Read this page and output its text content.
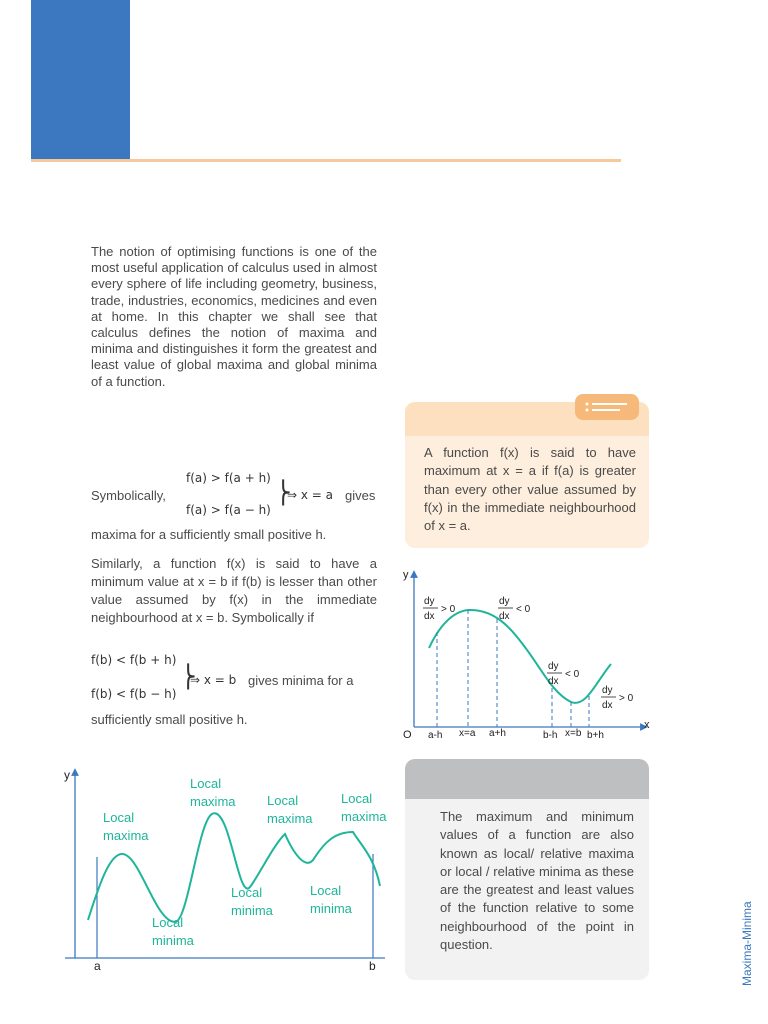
The notion of optimising functions is one of the most useful application of calculus used in almost every sphere of life including geometry, business, trade, industries, economics, medicines and even at home. In this chapter we shall see that calculus defines the notion of maxima and minima and distinguishes it form the greatest and least value of global maxima and global minima of a function.

Symbolically,
f(a) > f(a + h)
f(a) > f(a − h)
⎬
⇒ x = a gives
maxima for a sufficiently small positive h.

Similarly, a function f(x) is said to have a minimum value at x = b if f(b) is lesser than other value assumed by f(x) in the immediate neighbourhood at x = b. Symbolically if

f(b) < f(b + h)
f(b) < f(b − h)
⎬
⇒ x = b gives minima for a
sufficiently small positive h.

A function f(x) is said to have maximum at x = a if f(a) is greater than every other value assumed by f(x) in the immediate neighbourhood of x = a.

y
x
O a-h x=a a+h	b-h x=b b+h
dy
dx
> 0
dy
dx
< 0
dy
dx
< 0
dy
dx
> 0
y
a	b
Local
maxima
Local
maxima Local
maxima
Local
maxima
Local
minima
Local
minima
Local
minima

The maximum and minimum values of a function are also known as local/ relative maxima or local / relative minima as these are the greatest and least values of the function relative to some neighbourhood of the point in question.	Maxima-Minima
